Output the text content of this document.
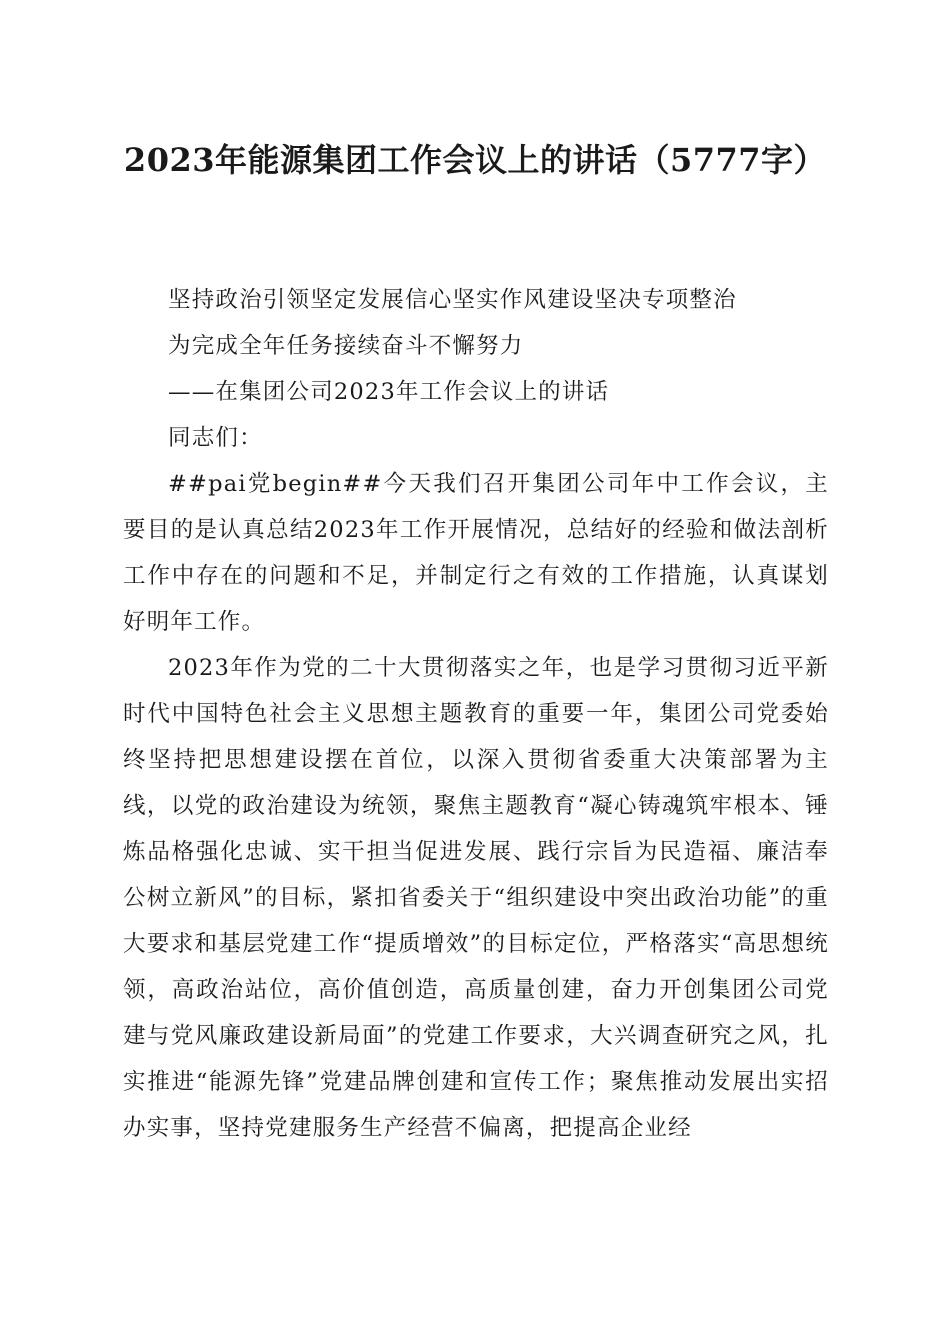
2023年能源集团工作会议上的讲话（5777字）

坚持政治引领坚定发展信心坚实作风建设坚决专项整治

为完成全年任务接续奋斗不懈努力

——在集团公司2023年工作会议上的讲话

同志们：

##pai党begin##今天我们召开集团公司年中工作会议，主要目的是认真总结2023年工作开展情况，总结好的经验和做法剖析工作中存在的问题和不足，并制定行之有效的工作措施，认真谋划好明年工作。

2023年作为党的二十大贯彻落实之年，也是学习贯彻习近平新时代中国特色社会主义思想主题教育的重要一年，集团公司党委始终坚持把思想建设摆在首位，以深入贯彻省委重大决策部署为主线，以党的政治建设为统领，聚焦主题教育“凝心铸魂筑牢根本、锤炼品格强化忠诚、实干担当促进发展、践行宗旨为民造福、廉洁奉公树立新风”的目标，紧扣省委关于“组织建设中突出政治功能”的重大要求和基层党建工作“提质增效”的目标定位，严格落实“高思想统领，高政治站位，高价值创造，高质量创建，奋力开创集团公司党建与党风廉政建设新局面”的党建工作要求，大兴调查研究之风，扎实推进“能源先锋”党建品牌创建和宣传工作；聚焦推动发展出实招办实事，坚持党建服务生产经营不偏离，把提高企业经
